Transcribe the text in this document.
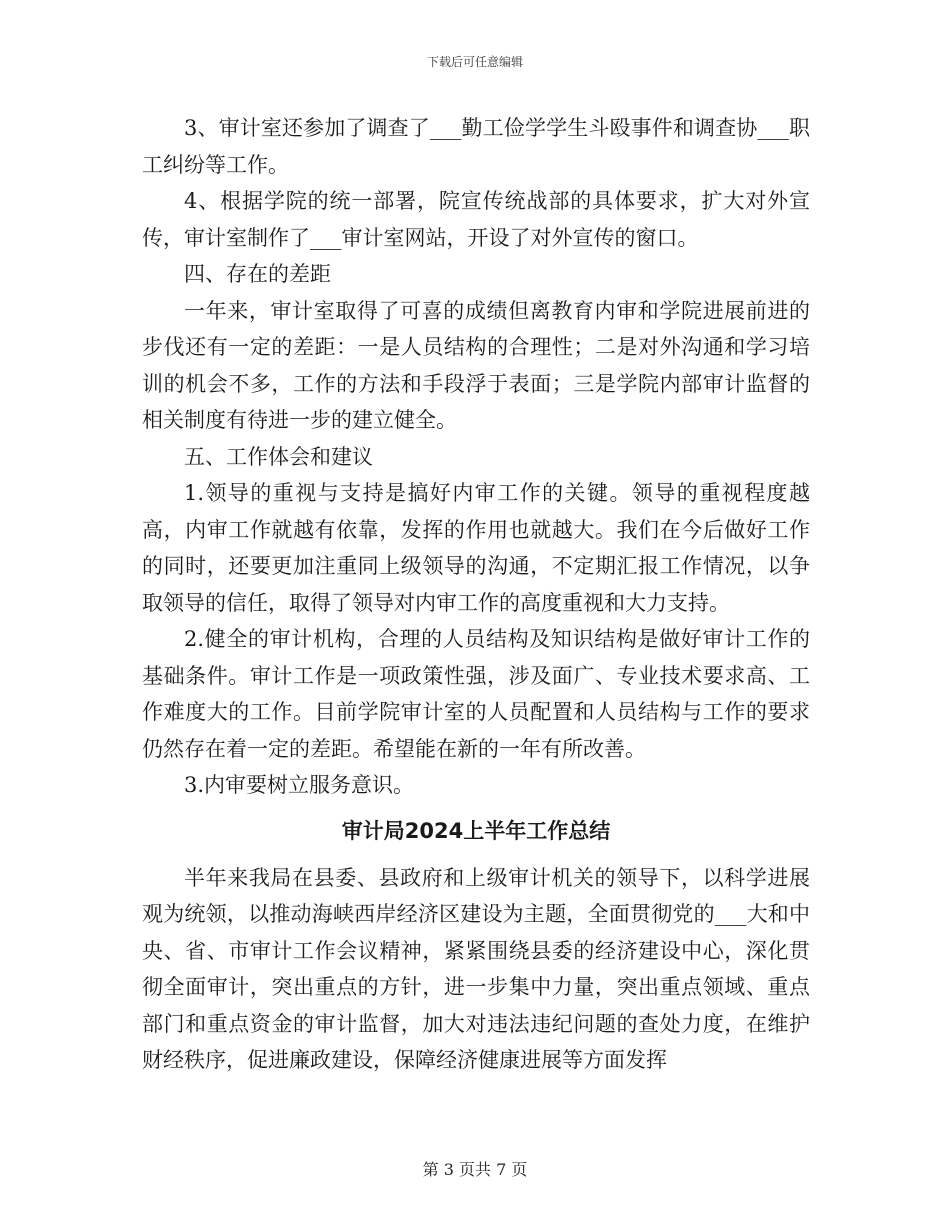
下载后可任意编辑

3、审计室还参加了调查了___勤工俭学学生斗殴事件和调查协___职工纠纷等工作。

4、根据学院的统一部署，院宣传统战部的具体要求，扩大对外宣传，审计室制作了___审计室网站，开设了对外宣传的窗口。

四、存在的差距

一年来，审计室取得了可喜的成绩但离教育内审和学院进展前进的步伐还有一定的差距：一是人员结构的合理性；二是对外沟通和学习培训的机会不多，工作的方法和手段浮于表面；三是学院内部审计监督的相关制度有待进一步的建立健全。

五、工作体会和建议

1.领导的重视与支持是搞好内审工作的关键。领导的重视程度越高，内审工作就越有依靠，发挥的作用也就越大。我们在今后做好工作的同时，还要更加注重同上级领导的沟通，不定期汇报工作情况，以争取领导的信任，取得了领导对内审工作的高度重视和大力支持。

2.健全的审计机构，合理的人员结构及知识结构是做好审计工作的基础条件。审计工作是一项政策性强，涉及面广、专业技术要求高、工作难度大的工作。目前学院审计室的人员配置和人员结构与工作的要求仍然存在着一定的差距。希望能在新的一年有所改善。

3.内审要树立服务意识。

审计局2024上半年工作总结

半年来我局在县委、县政府和上级审计机关的领导下，以科学进展观为统领，以推动海峡西岸经济区建设为主题，全面贯彻党的___大和中央、省、市审计工作会议精神，紧紧围绕县委的经济建设中心，深化贯彻全面审计，突出重点的方针，进一步集中力量，突出重点领域、重点部门和重点资金的审计监督，加大对违法违纪问题的查处力度，在维护财经秩序，促进廉政建设，保障经济健康进展等方面发挥

第 3 页共 7 页
